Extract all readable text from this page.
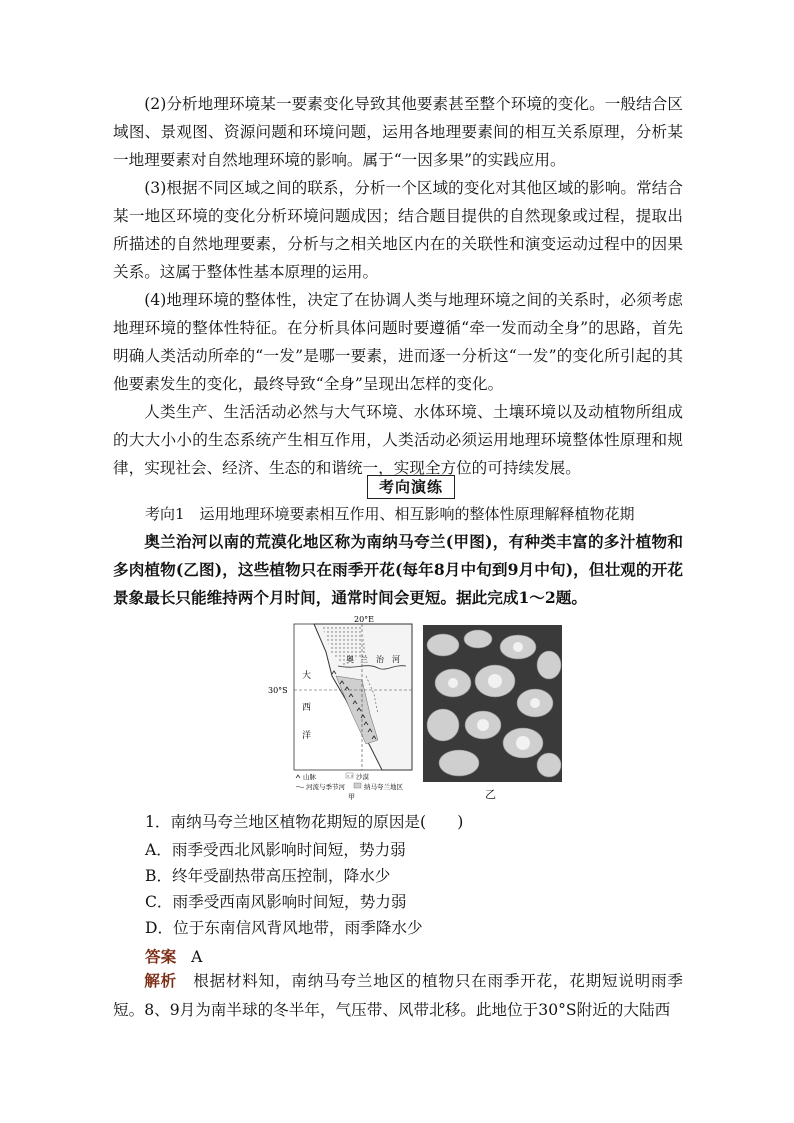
(2)分析地理环境某一要素变化导致其他要素甚至整个环境的变化。一般结合区域图、景观图、资源问题和环境问题，运用各地理要素间的相互关系原理，分析某一地理要素对自然地理环境的影响。属于“一因多果”的实践应用。

(3)根据不同区域之间的联系，分析一个区域的变化对其他区域的影响。常结合某一地区环境的变化分析环境问题成因；结合题目提供的自然现象或过程，提取出所描述的自然地理要素，分析与之相关地区内在的关联性和演变运动过程中的因果关系。这属于整体性基本原理的运用。

(4)地理环境的整体性，决定了在协调人类与地理环境之间的关系时，必须考虑地理环境的整体性特征。在分析具体问题时要遵循“牵一发而动全身”的思路，首先明确人类活动所牵的“一发”是哪一要素，进而逐一分析这“一发”的变化所引起的其他要素发生的变化，最终导致“全身”呈现出怎样的变化。

人类生产、生活活动必然与大气环境、水体环境、土壤环境以及动植物所组成的大大小小的生态系统产生相互作用，人类活动必须运用地理环境整体性原理和规律，实现社会、经济、生态的和谐统一，实现全方位的可持续发展。

考向演练
考向1　运用地理环境要素相互作用、相互影响的整体性原理解释植物花期
奥兰治河以南的荒漠化地区称为南纳马夸兰(甲图)，有种类丰富的多汁植物和多肉植物(乙图)，这些植物只在雨季开花(每年8月中旬到9月中旬)，但壮观的开花景象最长只能维持两个月时间，通常时间会更短。据此完成1～2题。
20°E
30°S
大
西
洋
奥 兰 治 河
山脉	沙漠
河流与季节河	纳马夸兰地区
甲	乙
1．南纳马夸兰地区植物花期短的原因是(　　)
A．雨季受西北风影响时间短，势力弱
B．终年受副热带高压控制，降水少
C．雨季受西南风影响时间短，势力弱
D．位于东南信风背风地带，雨季降水少
答案 A
解析　 根据材料知，南纳马夸兰地区的植物只在雨季开花，花期短说明雨季短。8、9月为南半球的冬半年，气压带、风带北移。此地位于30°S附近的大陆西
